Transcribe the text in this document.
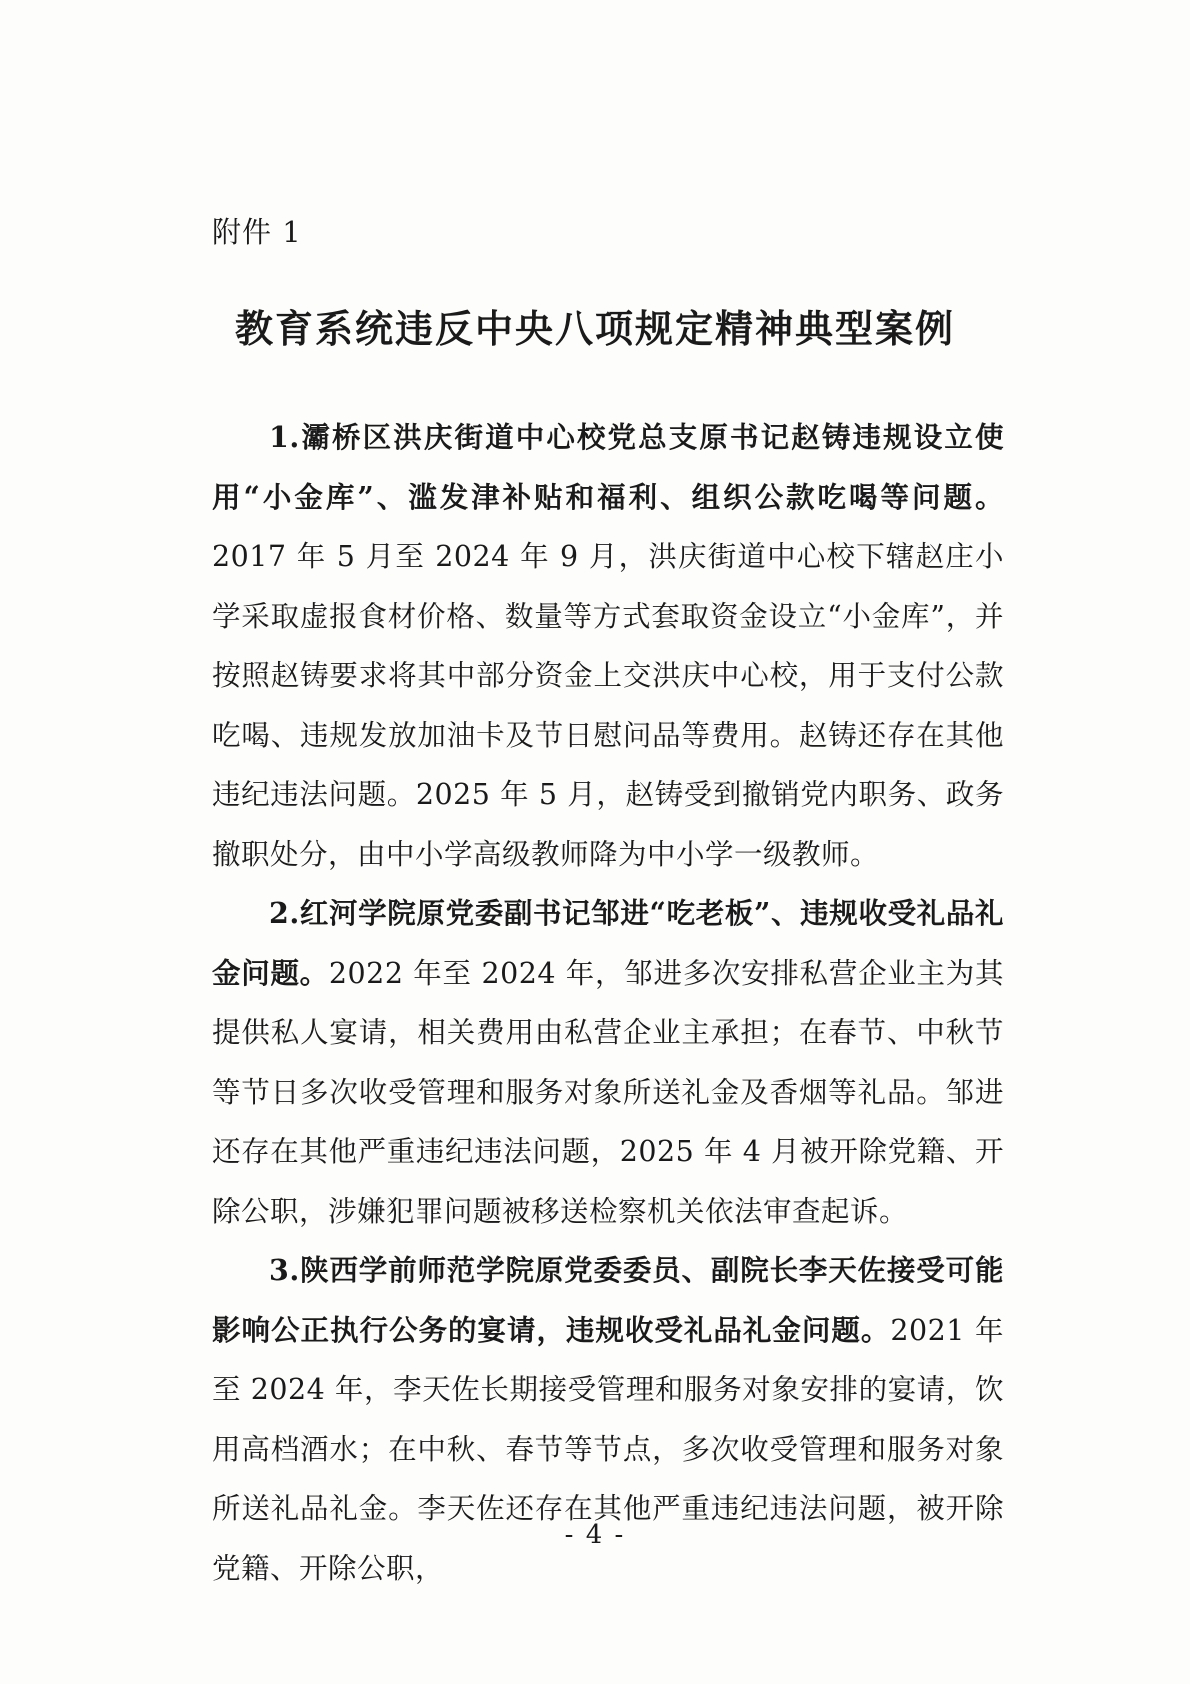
附件 1
教育系统违反中央八项规定精神典型案例

1.灞桥区洪庆街道中心校党总支原书记赵铸违规设立使用“小金库”、滥发津补贴和福利、组织公款吃喝等问题。2017 年 5 月至 2024 年 9 月，洪庆街道中心校下辖赵庄小学采取虚报食材价格、数量等方式套取资金设立“小金库”，并按照赵铸要求将其中部分资金上交洪庆中心校，用于支付公款吃喝、违规发放加油卡及节日慰问品等费用。赵铸还存在其他违纪违法问题。2025 年 5 月，赵铸受到撤销党内职务、政务撤职处分，由中小学高级教师降为中小学一级教师。

2.红河学院原党委副书记邹进“吃老板”、违规收受礼品礼金问题。2022 年至 2024 年，邹进多次安排私营企业主为其提供私人宴请，相关费用由私营企业主承担；在春节、中秋节等节日多次收受管理和服务对象所送礼金及香烟等礼品。邹进还存在其他严重违纪违法问题，2025 年 4 月被开除党籍、开除公职，涉嫌犯罪问题被移送检察机关依法审查起诉。

3.陕西学前师范学院原党委委员、副院长李天佐接受可能影响公正执行公务的宴请，违规收受礼品礼金问题。2021 年至 2024 年，李天佐长期接受管理和服务对象安排的宴请，饮用高档酒水；在中秋、春节等节点，多次收受管理和服务对象所送礼品礼金。李天佐还存在其他严重违纪违法问题，被开除党籍、开除公职，

- 4 -
